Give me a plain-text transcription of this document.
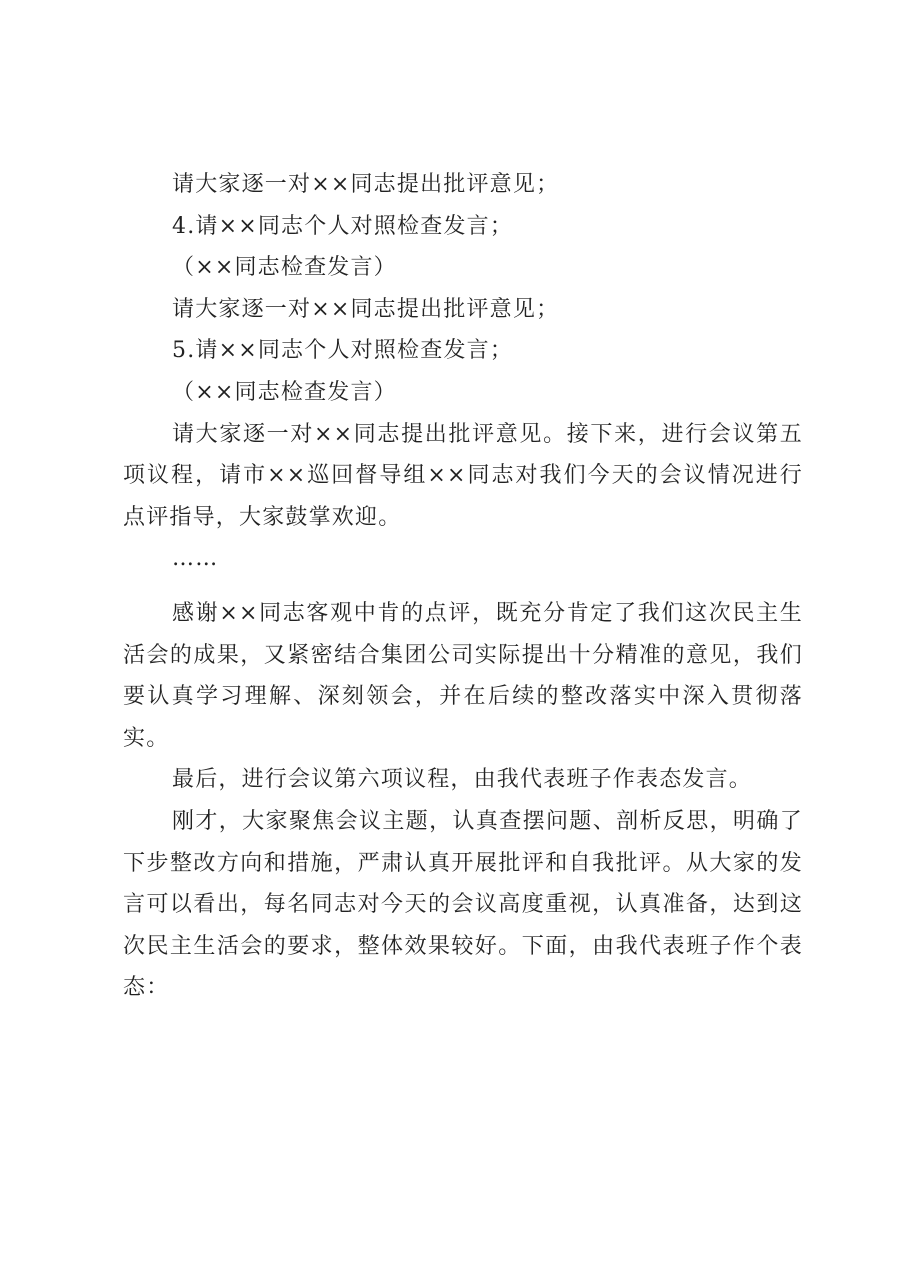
请大家逐一对××同志提出批评意见；

4.请××同志个人对照检查发言；

（××同志检查发言）

请大家逐一对××同志提出批评意见；

5.请××同志个人对照检查发言；

（××同志检查发言）

请大家逐一对××同志提出批评意见。接下来，进行会议第五项议程，请市××巡回督导组××同志对我们今天的会议情况进行点评指导，大家鼓掌欢迎。

……

感谢××同志客观中肯的点评，既充分肯定了我们这次民主生活会的成果，又紧密结合集团公司实际提出十分精准的意见，我们要认真学习理解、深刻领会，并在后续的整改落实中深入贯彻落实。

最后，进行会议第六项议程，由我代表班子作表态发言。

刚才，大家聚焦会议主题，认真查摆问题、剖析反思，明确了下步整改方向和措施，严肃认真开展批评和自我批评。从大家的发言可以看出，每名同志对今天的会议高度重视，认真准备，达到这次民主生活会的要求，整体效果较好。下面，由我代表班子作个表态：
